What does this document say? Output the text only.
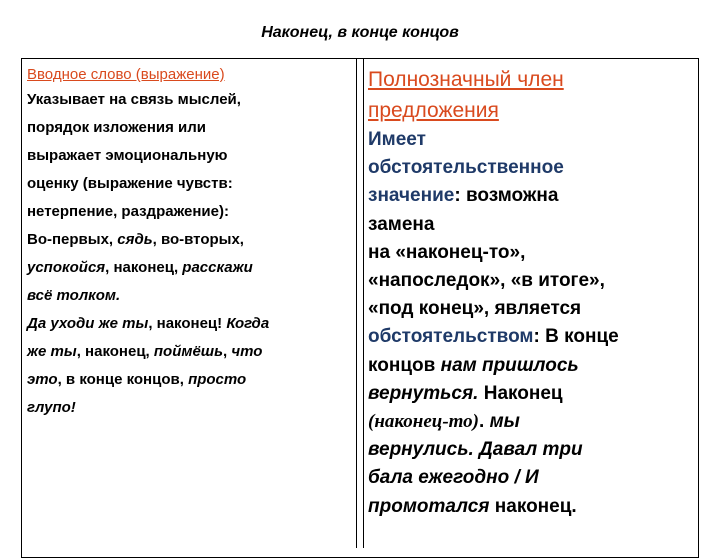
Наконец, в конце концов
Вводное слово (выражение)
Указывает на связь мыслей,
порядок изложения или
выражает эмоциональную
оценку (выражение чувств:
нетерпение, раздражение):
Во-первых, сядь, во-вторых,
успокойся, наконец, расскажи
всё толком.
Да уходи же ты, наконец! Когда
же ты, наконец, поймёшь, что
это, в конце концов, просто
глупо!
Полнозначный член
предложения
Имеет
обстоятельственное
значение: возможна
замена
на «наконец-то»,
«напоследок», «в итоге»,
«под конец», является
обстоятельством: В конце
концов нам пришлось
вернуться. Наконец
(наконец-то). мы
вернулись. Давал три
бала ежегодно / И
промотался наконец.
